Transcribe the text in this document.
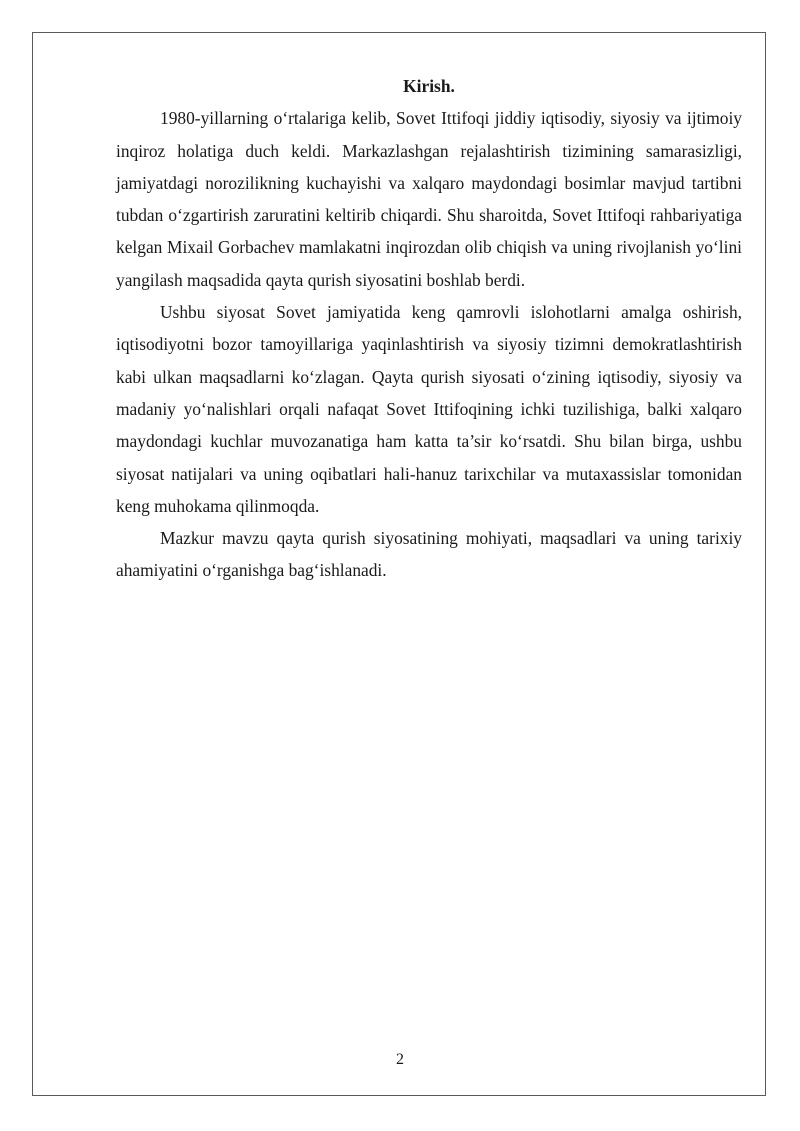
Kirish.

1980-yillarning o‘rtalariga kelib, Sovet Ittifoqi jiddiy iqtisodiy, siyosiy va ijtimoiy inqiroz holatiga duch keldi. Markazlashgan rejalashtirish tizimining samarasizligi, jamiyatdagi norozilikning kuchayishi va xalqaro maydondagi bosimlar mavjud tartibni tubdan o‘zgartirish zaruratini keltirib chiqardi. Shu sharoitda, Sovet Ittifoqi rahbariyatiga kelgan Mixail Gorbachev mamlakatni inqirozdan olib chiqish va uning rivojlanish yo‘lini yangilash maqsadida qayta qurish siyosatini boshlab berdi.

Ushbu siyosat Sovet jamiyatida keng qamrovli islohotlarni amalga oshirish, iqtisodiyotni bozor tamoyillariga yaqinlashtirish va siyosiy tizimni demokratlashtirish kabi ulkan maqsadlarni ko‘zlagan. Qayta qurish siyosati o‘zining iqtisodiy, siyosiy va madaniy yo‘nalishlari orqali nafaqat Sovet Ittifoqining ichki tuzilishiga, balki xalqaro maydondagi kuchlar muvozanatiga ham katta ta’sir ko‘rsatdi. Shu bilan birga, ushbu siyosat natijalari va uning oqibatlari hali-hanuz tarixchilar va mutaxassislar tomonidan keng muhokama qilinmoqda.

Mazkur mavzu qayta qurish siyosatining mohiyati, maqsadlari va uning tarixiy ahamiyatini o‘rganishga bag‘ishlanadi.

2
